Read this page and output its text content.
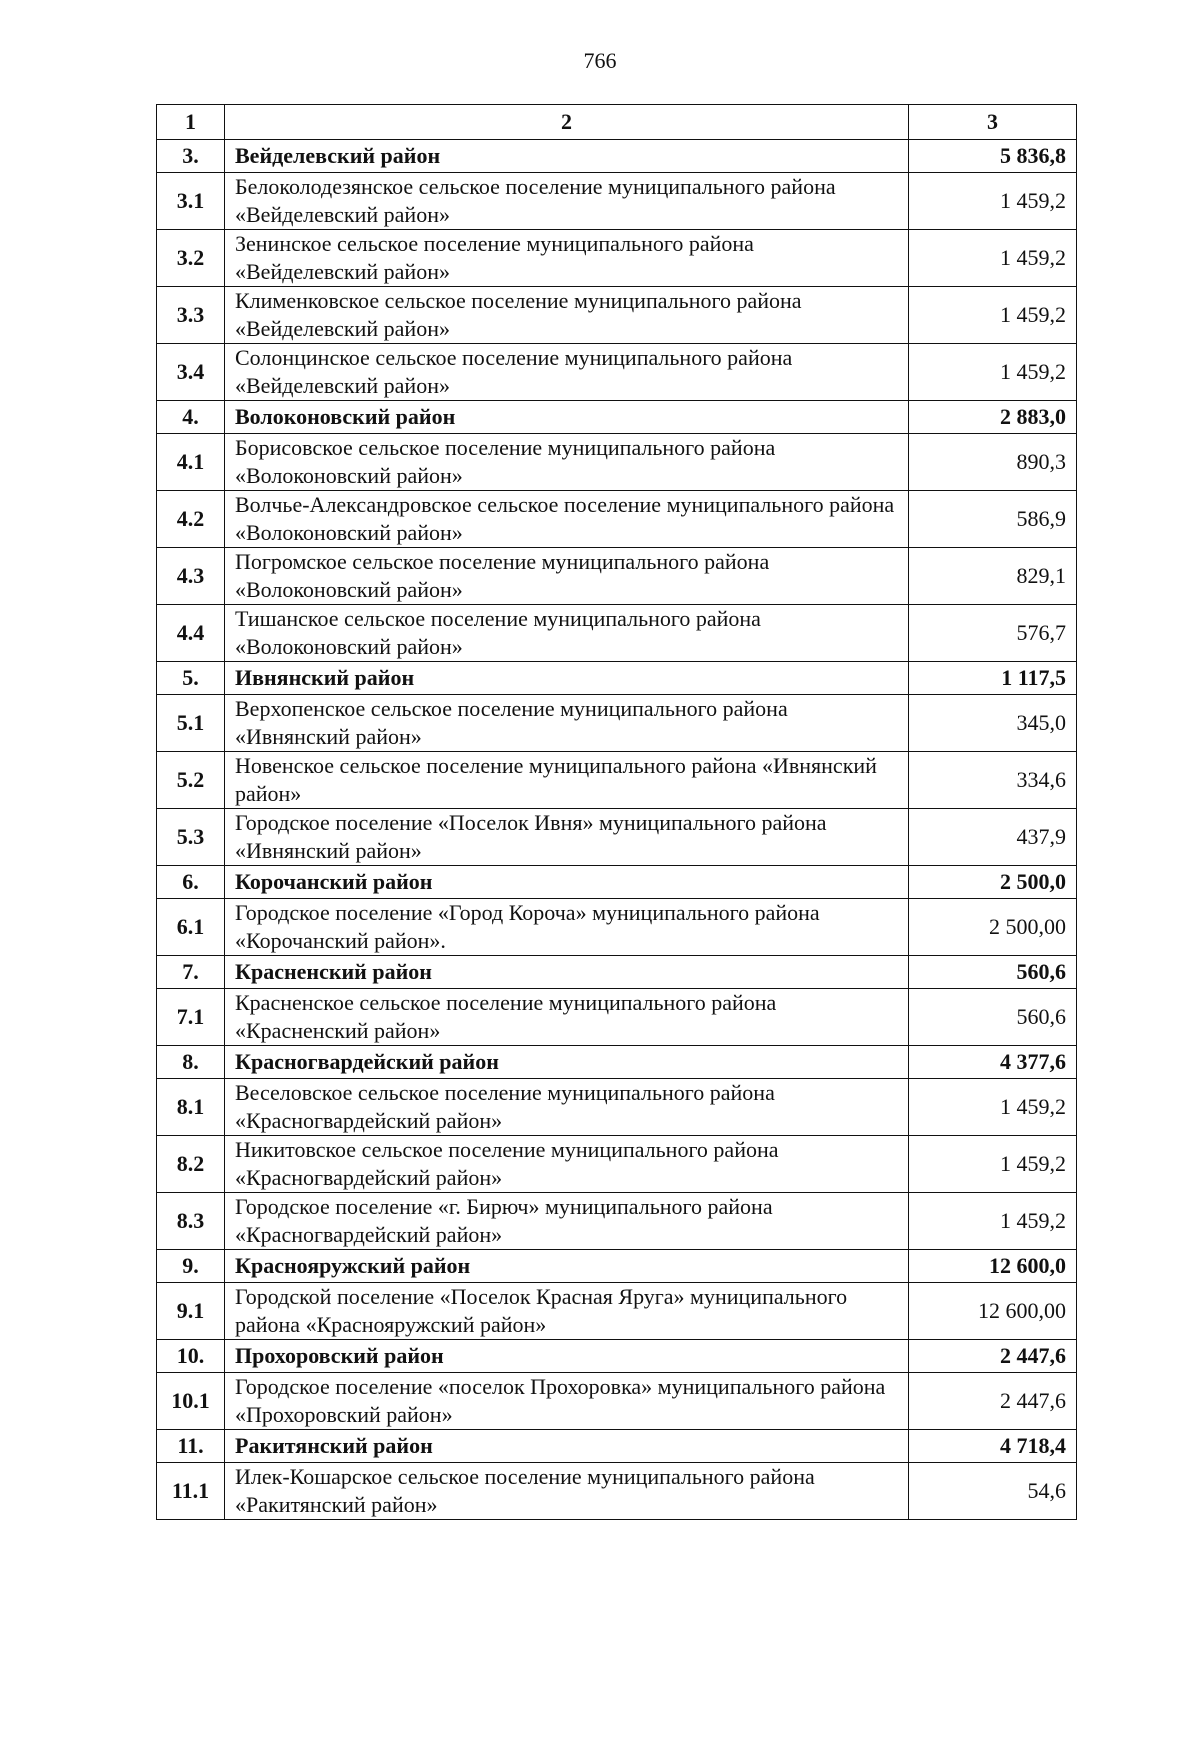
766
1	2	3
3.	Вейделевский район	5 836,8
3.1	Белоколодезянское сельское поселение муниципального района «Вейделевский район»	1 459,2
3.2	Зенинское сельское поселение муниципального района «Вейделевский район»	1 459,2
3.3	Клименковское сельское поселение муниципального района «Вейделевский район»	1 459,2
3.4	Солонцинское сельское поселение муниципального района «Вейделевский район»	1 459,2
4.	Волоконовский район	2 883,0
4.1	Борисовское сельское поселение муниципального района «Волоконовский район»	890,3
4.2	Волчье-Александровское сельское поселение муниципального района «Волоконовский район»	586,9
4.3	Погромское сельское поселение муниципального района «Волоконовский район»	829,1
4.4	Тишанское сельское поселение муниципального района «Волоконовский район»	576,7
5.	Ивнянский район	1 117,5
5.1	Верхопенское сельское поселение муниципального района «Ивнянский район»	345,0
5.2	Новенское сельское поселение муниципального района «Ивнянский район»	334,6
5.3	Городское поселение «Поселок Ивня» муниципального района «Ивнянский район»	437,9
6.	Корочанский район	2 500,0
6.1	Городское поселение «Город Короча» муниципального района «Корочанский район».	2 500,00
7.	Красненский район	560,6
7.1	Красненское сельское поселение муниципального района «Красненский район»	560,6
8.	Красногвардейский район	4 377,6
8.1	Веселовское сельское поселение муниципального района «Красногвардейский район»	1 459,2
8.2	Никитовское сельское поселение муниципального района «Красногвардейский район»	1 459,2
8.3	Городское поселение «г. Бирюч» муниципального района «Красногвардейский район»	1 459,2
9.	Краснояружский район	12 600,0
9.1	Городской поселение «Поселок Красная Яруга» муниципального района «Краснояружский район»	12 600,00
10.	Прохоровский район	2 447,6
10.1	Городское поселение «поселок Прохоровка» муниципального района «Прохоровский район»	2 447,6
11.	Ракитянский район	4 718,4
11.1	Илек-Кошарское сельское поселение муниципального района «Ракитянский район»	54,6
